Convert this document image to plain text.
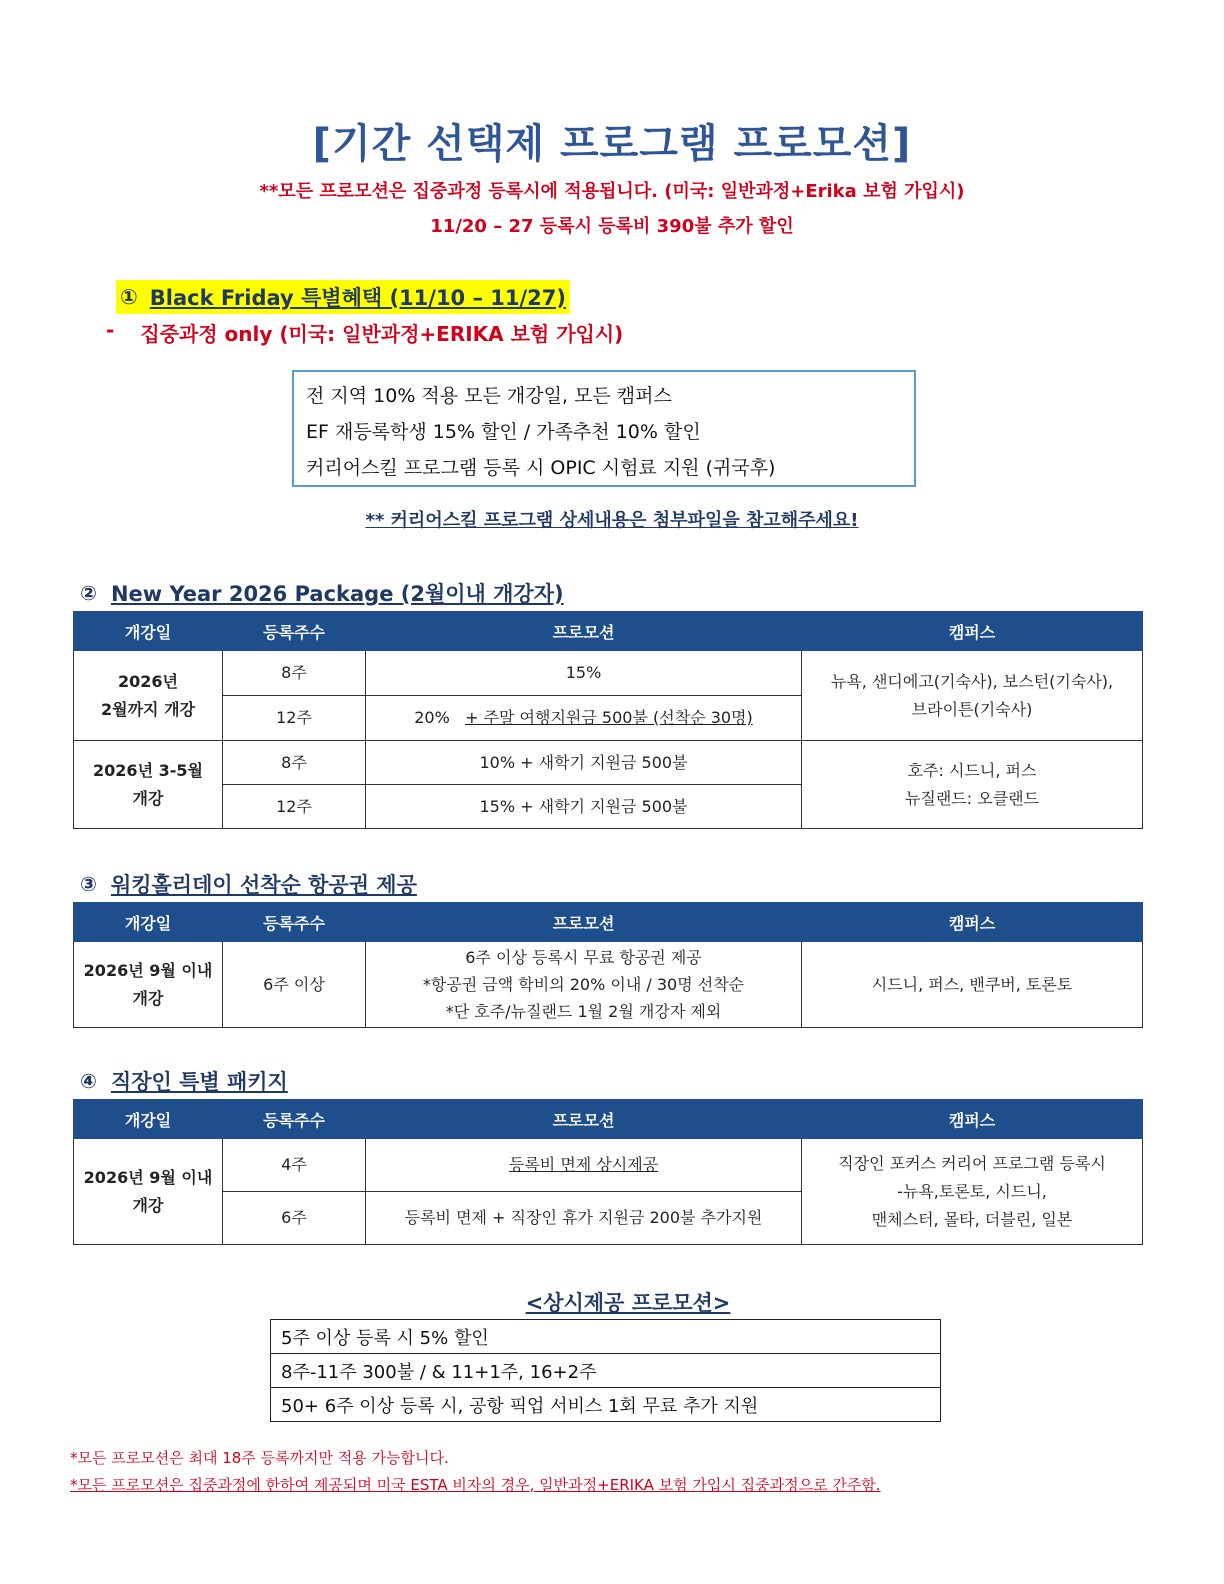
[기간 선택제 프로그램 프로모션]
**모든 프로모션은 집중과정 등록시에 적용됩니다. (미국: 일반과정+Erika 보험 가입시)
11/20 – 27 등록시 등록비 390불 추가 할인
① Black Friday 특별혜택 (11/10 – 11/27)
- 집중과정 only (미국: 일반과정+ERIKA 보험 가입시)
전 지역 10% 적용 모든 개강일, 모든 캠퍼스
EF 재등록학생 15% 할인 / 가족추천 10% 할인
커리어스킬 프로그램 등록 시 OPIC 시험료 지원 (귀국후)
** 커리어스킬 프로그램 상세내용은 첨부파일을 참고해주세요!
② New Year 2026 Package (2월이내 개강자)
개강일	등록주수	프로모션	캠퍼스
2026년
2월까지 개강	8주	15%	뉴욕, 샌디에고(기숙사), 보스턴(기숙사),
브라이튼(기숙사)
	12주	20% + 주말 여행지원금 500불 (선착순 30명)	
2026년 3-5월
개강	8주	10% + 새학기 지원금 500불	호주: 시드니, 퍼스
뉴질랜드: 오클랜드
	12주	15% + 새학기 지원금 500불	
③ 워킹홀리데이 선착순 항공권 제공
개강일	등록주수	프로모션	캠퍼스
2026년 9월 이내
개강	6주 이상	6주 이상 등록시 무료 항공권 제공
*항공권 금액 학비의 20% 이내 / 30명 선착순
*단 호주/뉴질랜드 1월 2월 개강자 제외	시드니, 퍼스, 밴쿠버, 토론토
④ 직장인 특별 패키지
개강일	등록주수	프로모션	캠퍼스
2026년 9월 이내
개강	4주	등록비 면제 상시제공	직장인 포커스 커리어 프로그램 등록시
-뉴욕,토론토, 시드니,
맨체스터, 몰타, 더블린, 일본
	6주	등록비 면제 + 직장인 휴가 지원금 200불 추가지원	
<상시제공 프로모션>
5주 이상 등록 시 5% 할인
8주-11주 300불 / & 11+1주, 16+2주
50+ 6주 이상 등록 시, 공항 픽업 서비스 1회 무료 추가 지원
*모든 프로모션은 최대 18주 등록까지만 적용 가능합니다.
*모든 프로모션은 집중과정에 한하여 제공되며 미국 ESTA 비자의 경우, 일반과정+ERIKA 보험 가입시 집중과정으로 간주함.
